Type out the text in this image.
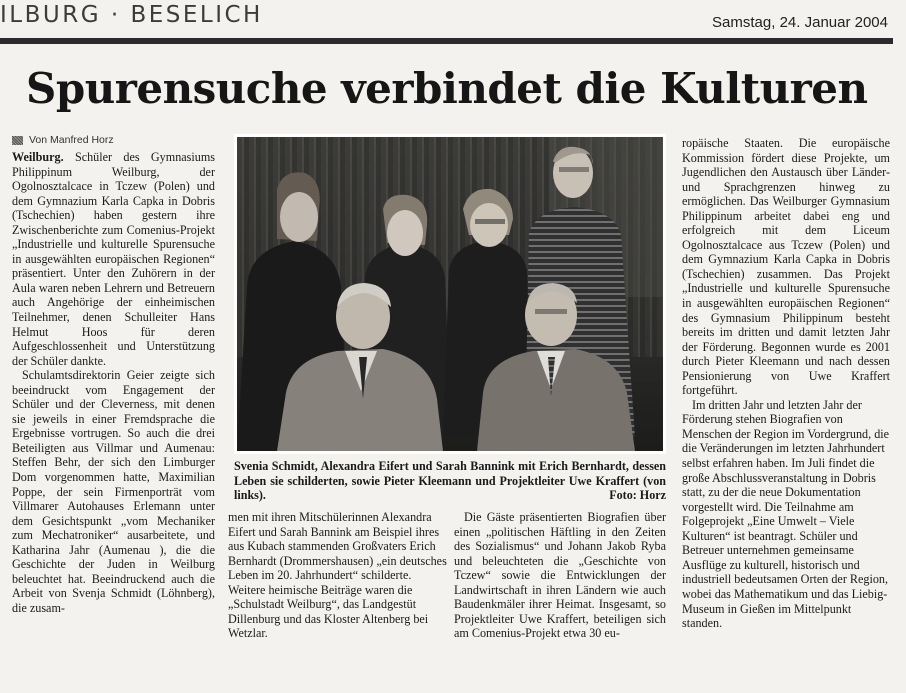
ILBURG · BESELICH	Samstag, 24. Januar 2004
Spurensuche verbindet die Kulturen
Von Manfred Horz

Weilburg. Schüler des Gymnasiums Philippinum Weilburg, der Ogolnosztalcace in Tczew (Polen) und dem Gymnazium Karla Capka in Dobris (Tschechien) haben gestern ihre Zwischenberichte zum Comenius-Projekt „Industrielle und kulturelle Spurensuche in ausgewählten europäischen Regionen“ präsentiert. Unter den Zuhörern in der Aula waren neben Lehrern und Betreuern auch Angehörige der einheimischen Teilnehmer, denen Schulleiter Hans Helmut Hoos für deren Aufgeschlossenheit und Unterstützung der Schüler dankte.

Schulamtsdirektorin Geier zeigte sich beeindruckt vom Engagement der Schüler und der Cleverness, mit denen sie jeweils in einer Fremdsprache die Ergebnisse vortrugen. So auch die drei Beteiligten aus Villmar und Aumenau: Steffen Behr, der sich den Limburger Dom vorgenommen hatte, Maximilian Poppe, der sein Firmenporträt vom Villmarer Autohauses Erlemann unter dem Gesichtspunkt „vom Mechaniker zum Mechatroniker“ ausarbeitete, und Katharina Jahr (Aumenau ), die die Geschichte der Juden in Weilburg beleuchtet hat. Beeindruckend auch die Arbeit von Svenja Schmidt (Löhnberg), die zusam-

Svenia Schmidt, Alexandra Eifert und Sarah Bannink mit Erich Bernhardt, dessen Leben sie schilderten, sowie Pieter Kleemann und Projektleiter Uwe Kraffert (von links).	Foto: Horz

men mit ihren Mitschülerinnen Alexandra Eifert und Sarah Bannink am Beispiel ihres aus Kubach stammenden Großvaters Erich Bernhardt (Drommershausen) „ein deutsches Leben im 20. Jahrhundert“ schilderte. Weitere heimische Beiträge waren die „Schulstadt Weilburg“, das Landgestüt Dillenburg und das Kloster Altenberg bei Wetzlar.

Die Gäste präsentierten Biografien über einen „politischen Häftling in den Zeiten des Sozialismus“ und Johann Jakob Ryba und beleuchteten die „Geschichte von Tczew“ sowie die Entwicklungen der Landwirtschaft in ihren Ländern wie auch Baudenkmäler ihrer Heimat. Insgesamt, so Projektleiter Uwe Kraffert, beteiligen sich am Comenius-Projekt etwa 30 eu-

ropäische Staaten. Die europäische Kommission fördert diese Projekte, um Jugendlichen den Austausch über Länder- und Sprachgrenzen hinweg zu ermöglichen. Das Weilburger Gymnasium Philippinum arbeitet dabei eng und erfolgreich mit dem Liceum Ogolnosztalcace aus Tczew (Polen) und dem Gymnazium Karla Capka in Dobris (Tschechien) zusammen. Das Projekt „Industrielle und kulturelle Spurensuche in ausgewählten europäischen Regionen“ des Gymnasium Philippinum besteht bereits im dritten und damit letzten Jahr der Förderung. Begonnen wurde es 2001 durch Pieter Kleemann und nach dessen Pensionierung von Uwe Kraffert fortgeführt.

Im dritten Jahr und letzten Jahr der Förderung stehen Biografien von Menschen der Region im Vordergrund, die die Veränderungen im letzten Jahrhundert selbst erfahren haben. Im Juli findet die große Abschlussveranstaltung in Dobris statt, zu der die neue Dokumentation vorgestellt wird. Die Teilnahme am Folgeprojekt „Eine Umwelt – Viele Kulturen“ ist beantragt. Schüler und Betreuer unternehmen gemeinsame Ausflüge zu kulturell, historisch und industriell bedeutsamen Orten der Region, wobei das Mathematikum und das Liebig-Museum in Gießen im Mittelpunkt standen.
